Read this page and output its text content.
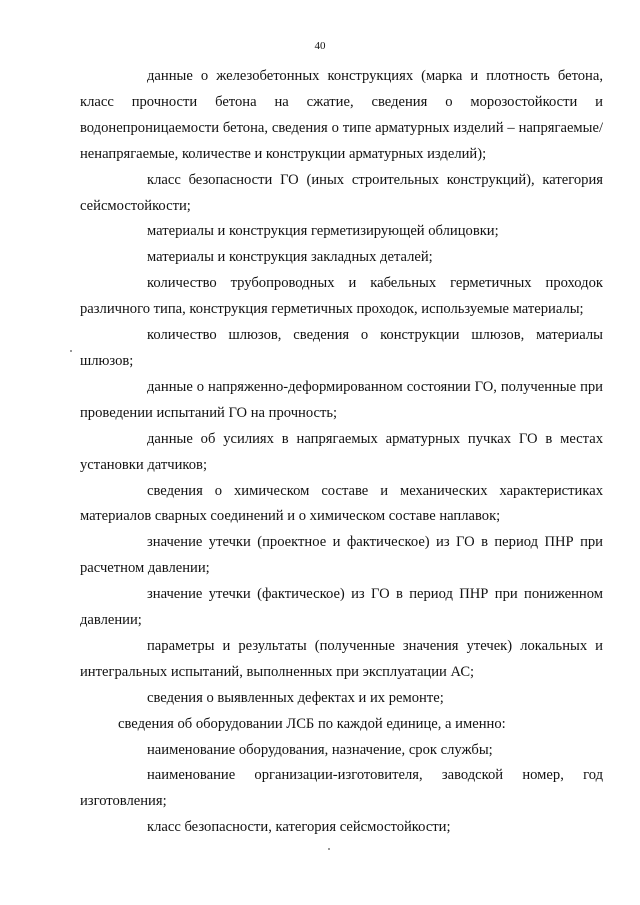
40

данные о железобетонных конструкциях (марка и плотность бетона, класс прочности бетона на сжатие, сведения о морозостойкости и водонепроницаемости бетона, сведения о типе арматурных изделий – напрягаемые/ненапрягаемые, количестве и конструкции арматурных изделий);

класс безопасности ГО (иных строительных конструкций), категория сейсмостойкости;

материалы и конструкция герметизирующей облицовки;

материалы и конструкция закладных деталей;

количество трубопроводных и кабельных герметичных проходок различного типа, конструкция герметичных проходок, используемые материалы;

количество шлюзов, сведения о конструкции шлюзов, материалы шлюзов;

данные о напряженно-деформированном состоянии ГО, полученные при проведении испытаний ГО на прочность;

данные об усилиях в напрягаемых арматурных пучках ГО в местах установки датчиков;

сведения о химическом составе и механических характеристиках материалов сварных соединений и о химическом составе наплавок;

значение утечки (проектное и фактическое) из ГО в период ПНР при расчетном давлении;

значение утечки (фактическое) из ГО в период ПНР при пониженном давлении;

параметры и результаты (полученные значения утечек) локальных и интегральных испытаний, выполненных при эксплуатации АС;

сведения о выявленных дефектах и их ремонте;

сведения об оборудовании ЛСБ по каждой единице, а именно:

наименование оборудования, назначение, срок службы;

наименование организации-изготовителя, заводской номер, год изготовления;

класс безопасности, категория сейсмостойкости;
